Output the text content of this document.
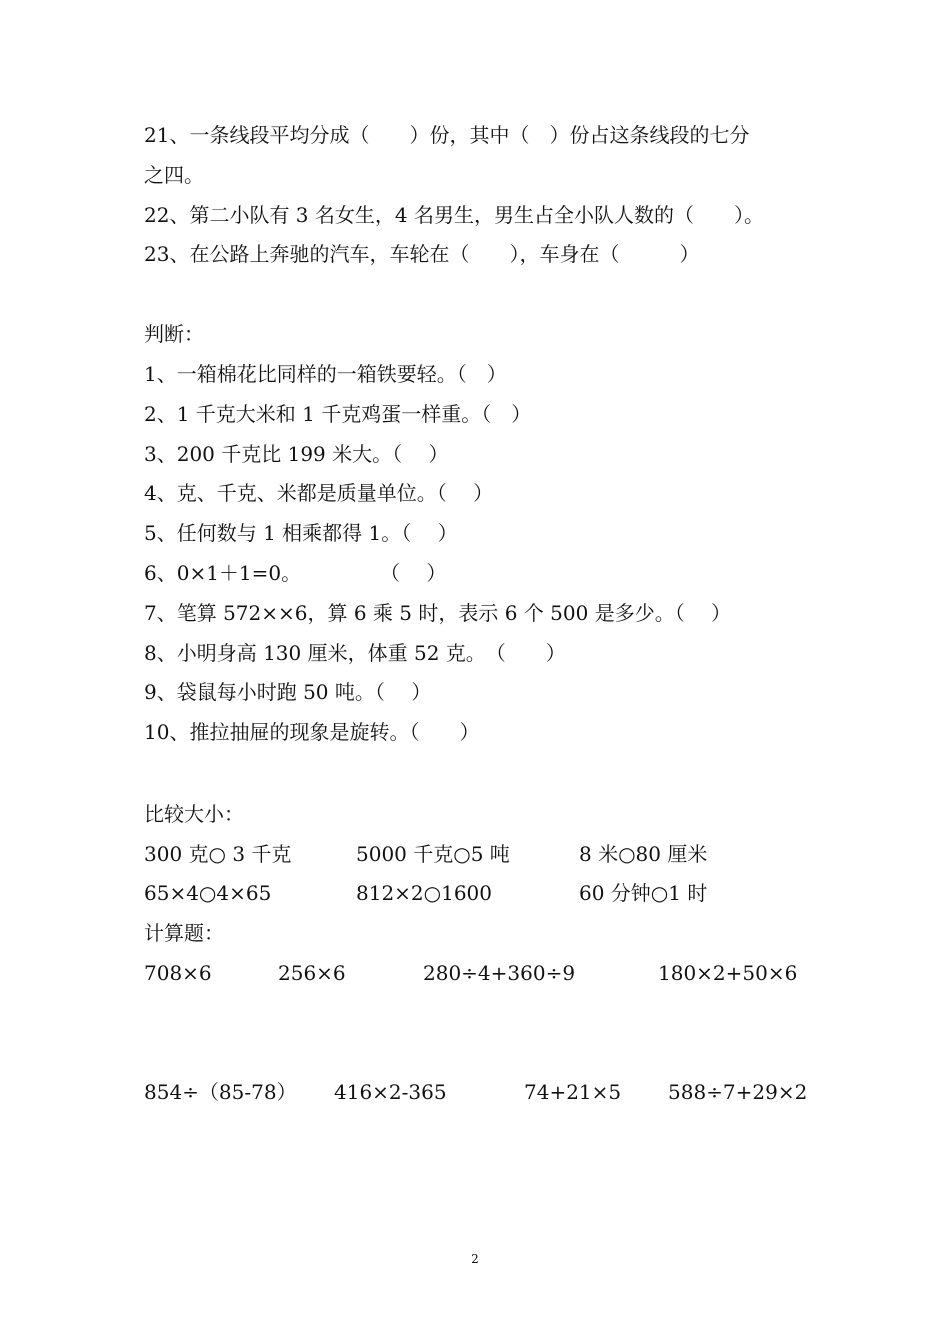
21、一条线段平均分成（　　）份，其中（　）份占这条线段的七分
之四。
22、第二小队有 3 名女生，4 名男生，男生占全小队人数的（　　）。
23、在公路上奔驰的汽车，车轮在（　　），车身在（　　　）
判断：
1、一箱棉花比同样的一箱铁要轻。（　）
2、1 千克大米和 1 千克鸡蛋一样重。（　）
3、200 千克比 199 米大。（　 ）
4、克、千克、米都是质量单位。（　 ）
5、任何数与 1 相乘都得 1。（　 ）
6、0×1＋1=0。	（　 ）
7、笔算 572××6，算 6 乘 5 时，表示 6 个 500 是多少。（　 ）
8、小明身高 130 厘米，体重 52 克。　（　　）
9、袋鼠每小时跑 50 吨。（　 ）
10、推拉抽屉的现象是旋转。（　　）
比较大小：
300 克○ 3 千克	5000 千克○5 吨	8 米○80 厘米
65×4○4×65	812×2○1600	60 分钟○1 时
计算题：
708×6	256×6	280÷4+360÷9	180×2+50×6
854÷（85-78） 416×2-365	74+21×5 588÷7+29×2
2
